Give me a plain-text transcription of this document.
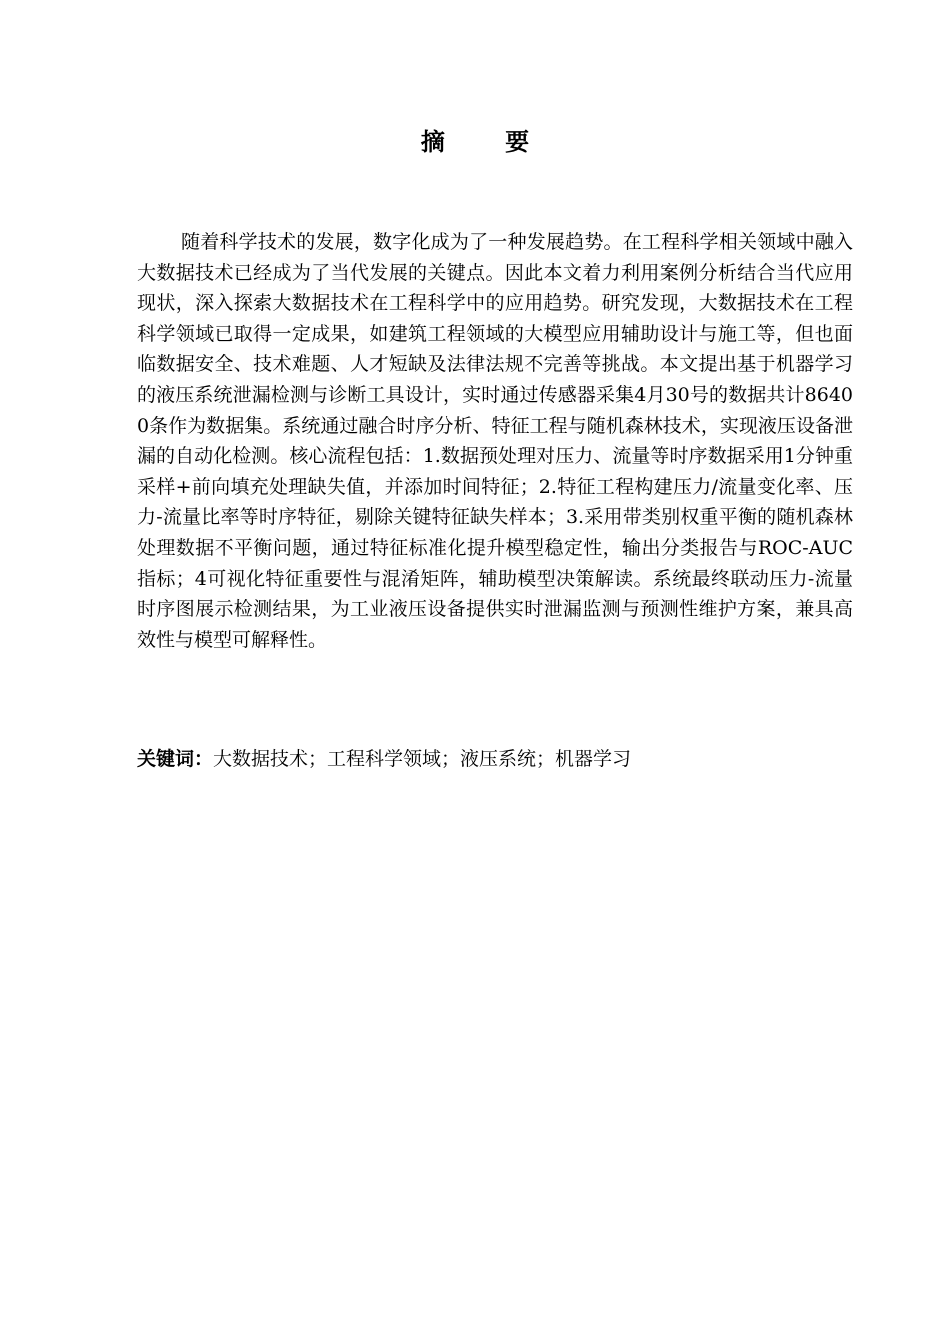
摘 要

随着科学技术的发展，数字化成为了一种发展趋势。在工程科学相关领域中融入大数据技术已经成为了当代发展的关键点。因此本文着力利用案例分析结合当代应用现状，深入探索大数据技术在工程科学中的应用趋势。研究发现，大数据技术在工程科学领域已取得一定成果，如建筑工程领域的大模型应用辅助设计与施工等，但也面临数据安全、技术难题、人才短缺及法律法规不完善等挑战。本文提出基于机器学习的液压系统泄漏检测与诊断工具设计，实时通过传感器采集4月30号的数据共计86400条作为数据集。系统通过融合时序分析、特征工程与随机森林技术，实现液压设备泄漏的自动化检测。核心流程包括：1.数据预处理对压力、流量等时序数据采用1分钟重采样+前向填充处理缺失值，并添加时间特征；2.特征工程构建压力/流量变化率、压力-流量比率等时序特征，剔除关键特征缺失样本；3.采用带类别权重平衡的随机森林处理数据不平衡问题，通过特征标准化提升模型稳定性，输出分类报告与ROC-AUC指标；4可视化特征重要性与混淆矩阵，辅助模型决策解读。系统最终联动压力-流量时序图展示检测结果，为工业液压设备提供实时泄漏监测与预测性维护方案，兼具高效性与模型可解释性。

关键词：大数据技术；工程科学领域；液压系统；机器学习
